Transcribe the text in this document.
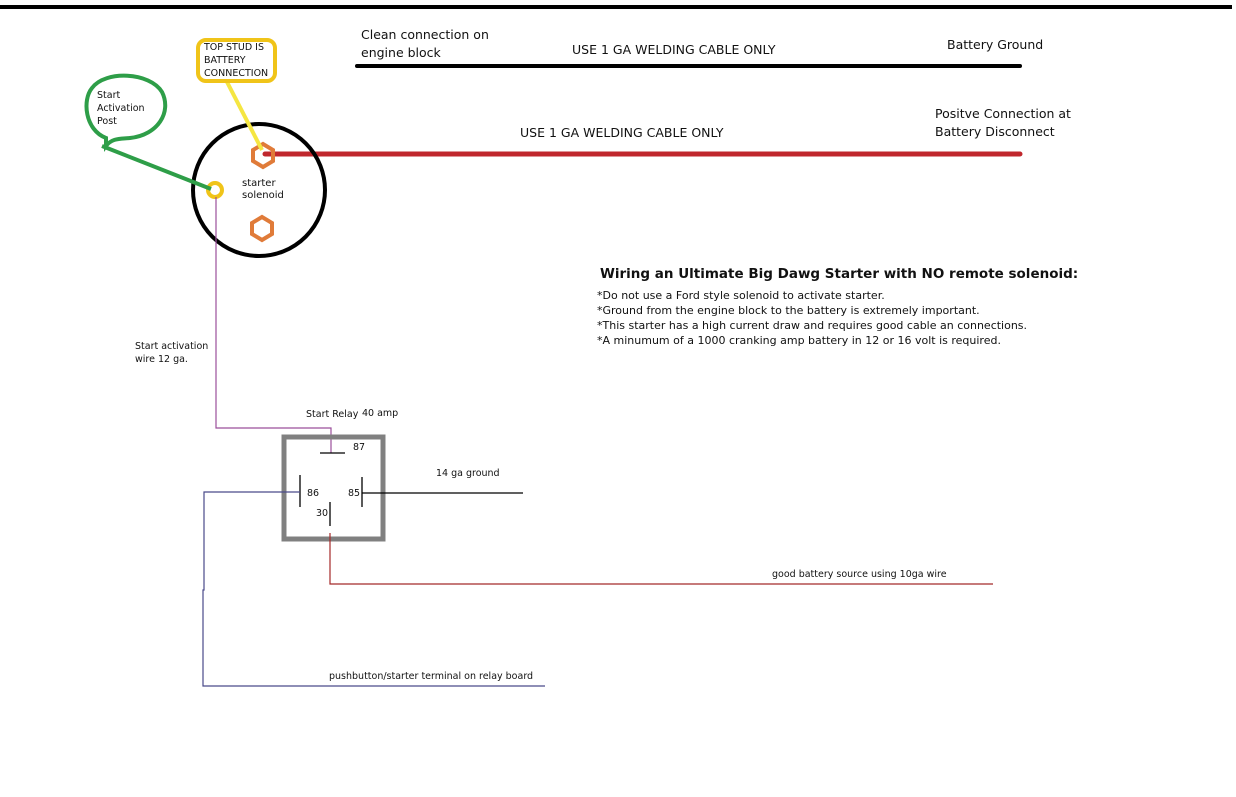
Clean connection on
engine block	USE 1 GA WELDING CABLE ONLY	Battery Ground
USE 1 GA WELDING CABLE ONLY
Positve Connection at
Battery Disconnect
starter
solenoid
TOP STUD IS
BATTERY
CONNECTION
Start
Activation
Post
Start activation
wire 12 ga.
Start Relay 40 amp
87
86	85
30
14 ga ground
good battery source using 10ga wire
pushbutton/starter terminal on relay board
Wiring an Ultimate Big Dawg Starter with NO remote solenoid:
*Do not use a Ford style solenoid to activate starter.
*Ground from the engine block to the battery is extremely important.
*This starter has a high current draw and requires good cable an connections.
*A minumum of a 1000 cranking amp battery in 12 or 16 volt is required.
